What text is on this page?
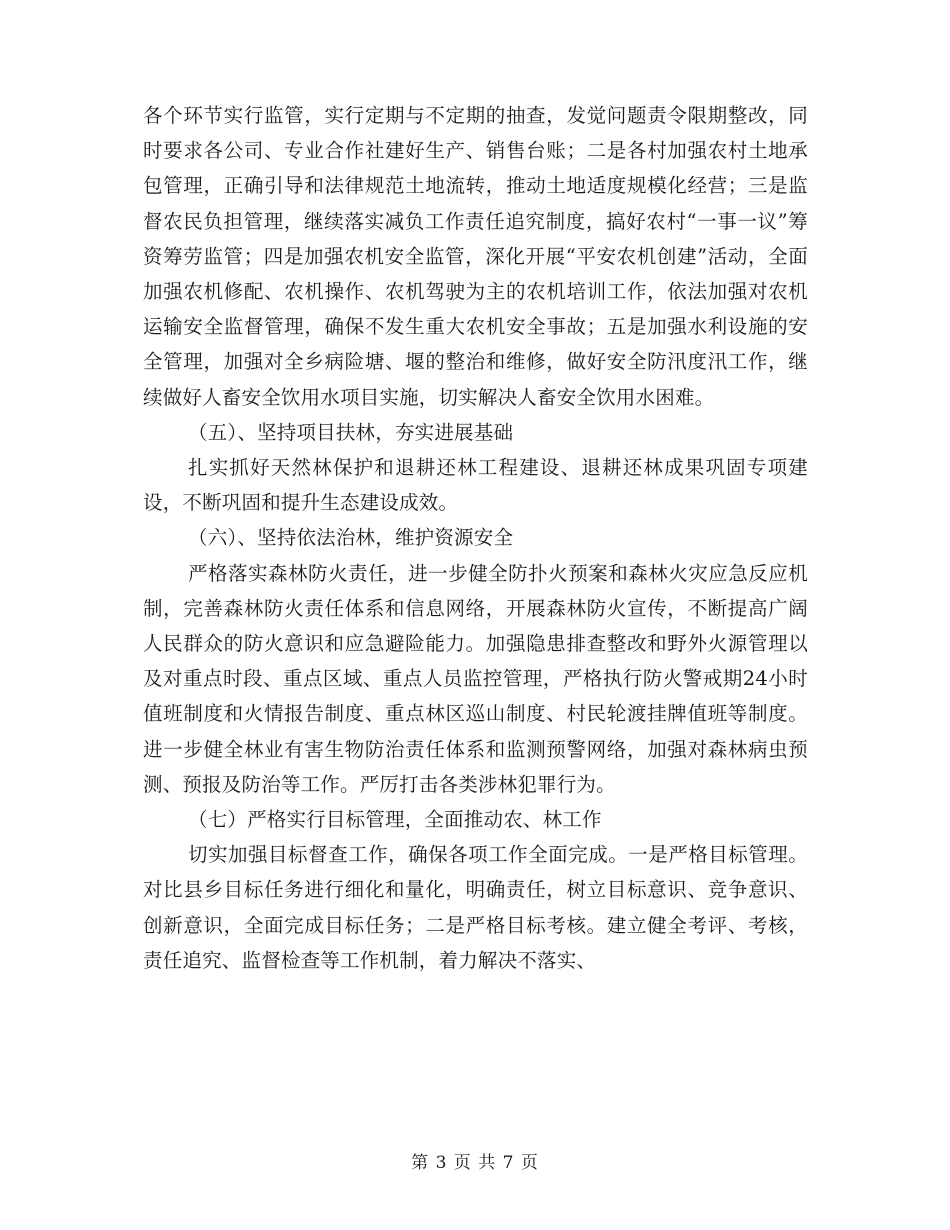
各个环节实行监管，实行定期与不定期的抽查，发觉问题责令限期整改，同时要求各公司、专业合作社建好生产、销售台账；二是各村加强农村土地承包管理，正确引导和法律规范土地流转，推动土地适度规模化经营；三是监督农民负担管理，继续落实减负工作责任追究制度，搞好农村“一事一议”筹资筹劳监管；四是加强农机安全监管，深化开展“平安农机创建”活动，全面加强农机修配、农机操作、农机驾驶为主的农机培训工作，依法加强对农机运输安全监督管理，确保不发生重大农机安全事故；五是加强水利设施的安全管理，加强对全乡病险塘、堰的整治和维修，做好安全防汛度汛工作，继续做好人畜安全饮用水项目实施，切实解决人畜安全饮用水困难。

（五）、坚持项目扶林，夯实进展基础

扎实抓好天然林保护和退耕还林工程建设、退耕还林成果巩固专项建设，不断巩固和提升生态建设成效。

（六）、坚持依法治林，维护资源安全

严格落实森林防火责任，进一步健全防扑火预案和森林火灾应急反应机制，完善森林防火责任体系和信息网络，开展森林防火宣传，不断提高广阔人民群众的防火意识和应急避险能力。加强隐患排查整改和野外火源管理以及对重点时段、重点区域、重点人员监控管理，严格执行防火警戒期24小时值班制度和火情报告制度、重点林区巡山制度、村民轮渡挂牌值班等制度。进一步健全林业有害生物防治责任体系和监测预警网络，加强对森林病虫预测、预报及防治等工作。严厉打击各类涉林犯罪行为。

（七）严格实行目标管理，全面推动农、林工作

切实加强目标督查工作，确保各项工作全面完成。一是严格目标管理。对比县乡目标任务进行细化和量化，明确责任，树立目标意识、竞争意识、创新意识，全面完成目标任务；二是严格目标考核。建立健全考评、考核，责任追究、监督检查等工作机制，着力解决不落实、

第 3 页 共 7 页
